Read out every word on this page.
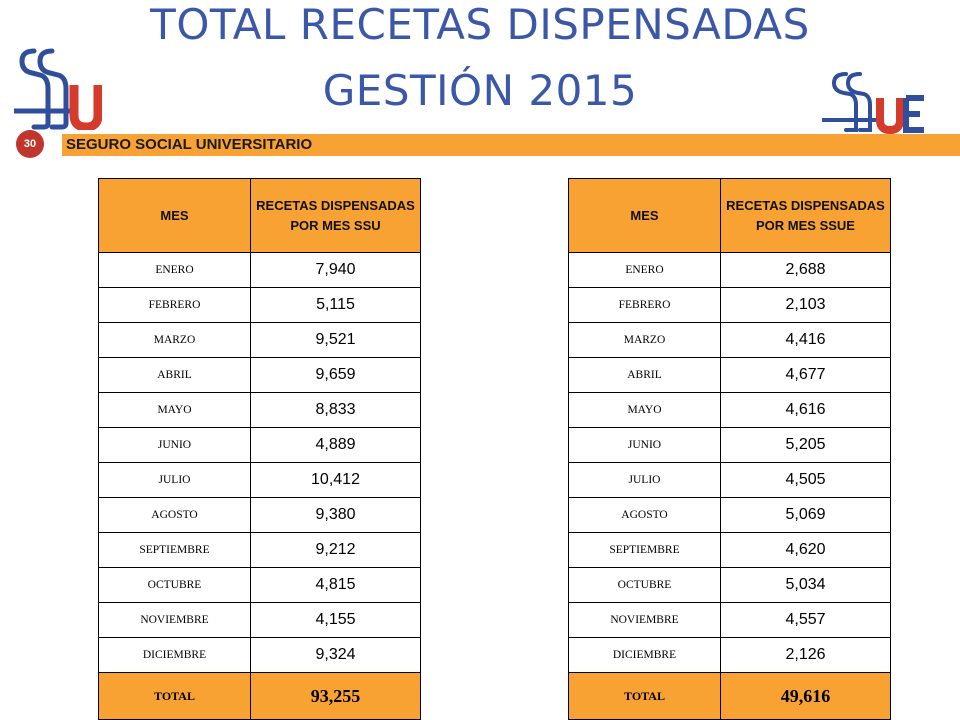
TOTAL RECETAS DISPENSADAS
GESTIÓN 2015
30	SEGURO SOCIAL UNIVERSITARIO
MES	RECETAS DISPENSADAS POR MES SSU
ENERO	7,940
FEBRERO	5,115
MARZO	9,521
ABRIL	9,659
MAYO	8,833
JUNIO	4,889
JULIO	10,412
AGOSTO	9,380
SEPTIEMBRE	9,212
OCTUBRE	4,815
NOVIEMBRE	4,155
DICIEMBRE	9,324
TOTAL	93,255
MES	RECETAS DISPENSADAS POR MES SSUE
ENERO	2,688
FEBRERO	2,103
MARZO	4,416
ABRIL	4,677
MAYO	4,616
JUNIO	5,205
JULIO	4,505
AGOSTO	5,069
SEPTIEMBRE	4,620
OCTUBRE	5,034
NOVIEMBRE	4,557
DICIEMBRE	2,126
TOTAL	49,616
